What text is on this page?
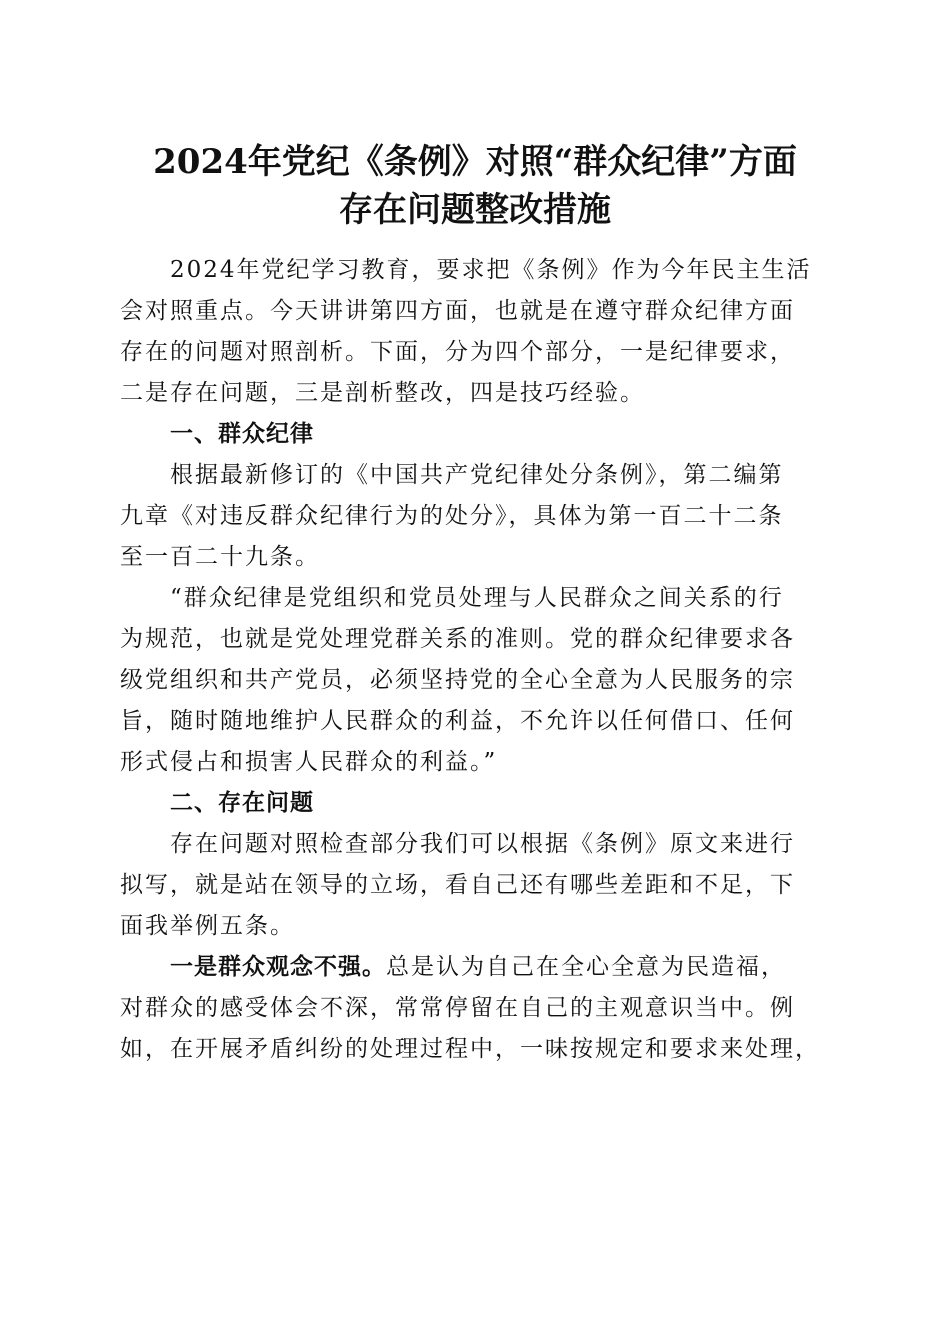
2024年党纪《条例》对照“群众纪律”方面
存在问题整改措施
2024年党纪学习教育，要求把《条例》作为今年民主生活
会对照重点。今天讲讲第四方面，也就是在遵守群众纪律方面
存在的问题对照剖析。下面，分为四个部分，一是纪律要求，
二是存在问题，三是剖析整改，四是技巧经验。
一、群众纪律
根据最新修订的《中国共产党纪律处分条例》，第二编第
九章《对违反群众纪律行为的处分》，具体为第一百二十二条
至一百二十九条。
“群众纪律是党组织和党员处理与人民群众之间关系的行
为规范，也就是党处理党群关系的准则。党的群众纪律要求各
级党组织和共产党员，必须坚持党的全心全意为人民服务的宗
旨，随时随地维护人民群众的利益，不允许以任何借口、任何
形式侵占和损害人民群众的利益。”
二、存在问题
存在问题对照检查部分我们可以根据《条例》原文来进行
拟写，就是站在领导的立场，看自己还有哪些差距和不足，下
面我举例五条。
一是群众观念不强。总是认为自己在全心全意为民造福，
对群众的感受体会不深，常常停留在自己的主观意识当中。例
如，在开展矛盾纠纷的处理过程中，一味按规定和要求来处理，
